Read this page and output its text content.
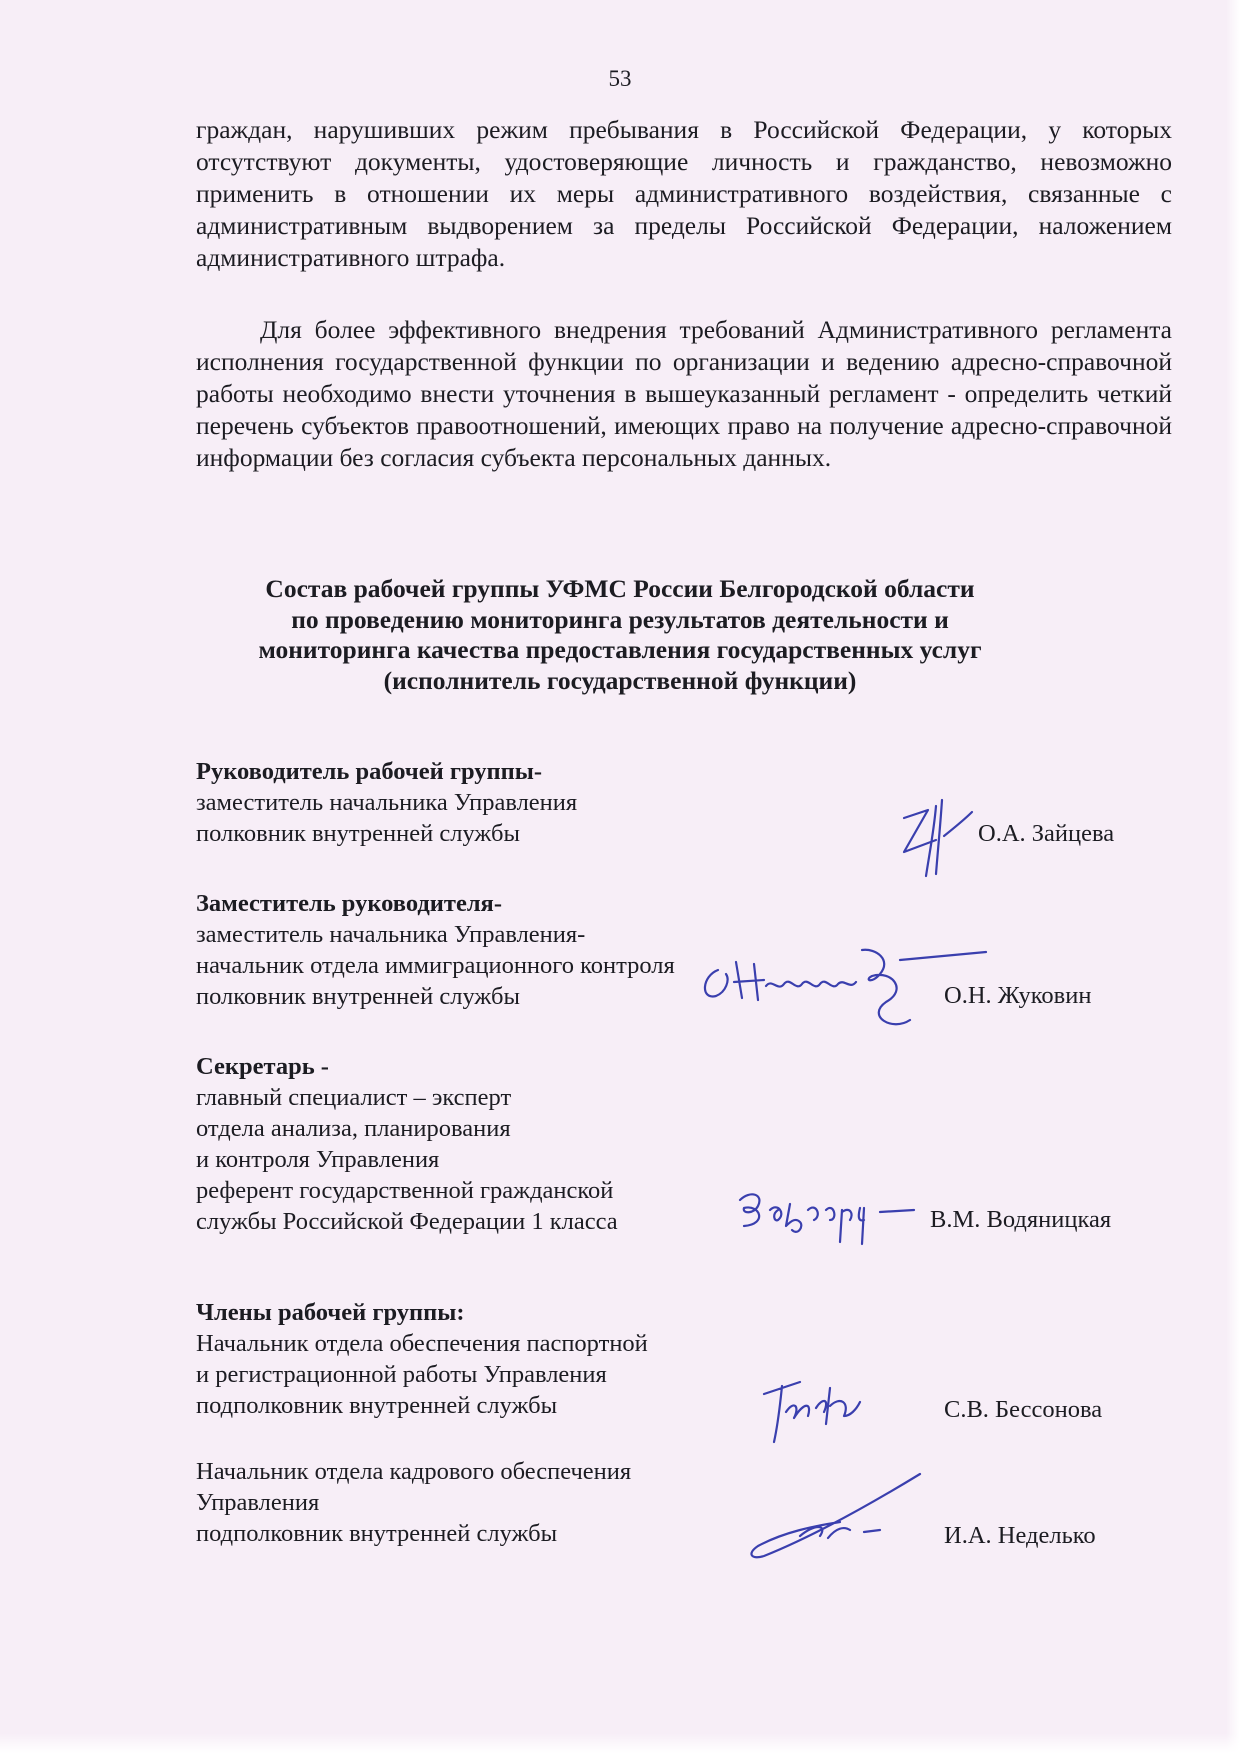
53
граждан, нарушивших режим пребывания в Российской Федерации, у которых отсутствуют документы, удостоверяющие личность и гражданство, невозможно применить в отношении их меры административного воздействия, связанные с административным выдворением за пределы Российской Федерации, наложением административного штрафа.
Для более эффективного внедрения требований Административного регламента исполнения государственной функции по организации и ведению адресно-справочной работы необходимо внести уточнения в вышеуказанный регламент - определить четкий перечень субъектов правоотношений, имеющих право на получение адресно-справочной информации без согласия субъекта персональных данных.
Состав рабочей группы УФМС России Белгородской области
по проведению мониторинга результатов деятельности и
мониторинга качества предоставления государственных услуг
(исполнитель государственной функции)
Руководитель рабочей группы-
заместитель начальника Управления
полковник внутренней службы	О.А. Зайцева
Заместитель руководителя-
заместитель начальника Управления-
начальник отдела иммиграционного контроля
полковник внутренней службы	О.Н. Жуковин
Секретарь -
главный специалист – эксперт
отдела анализа, планирования
и контроля Управления
референт государственной гражданской
службы Российской Федерации 1 класса	В.М. Водяницкая
Члены рабочей группы:
Начальник отдела обеспечения паспортной
и регистрационной работы Управления
подполковник внутренней службы	С.В. Бессонова
Начальник отдела кадрового обеспечения
Управления
подполковник внутренней службы	И.А. Неделько
